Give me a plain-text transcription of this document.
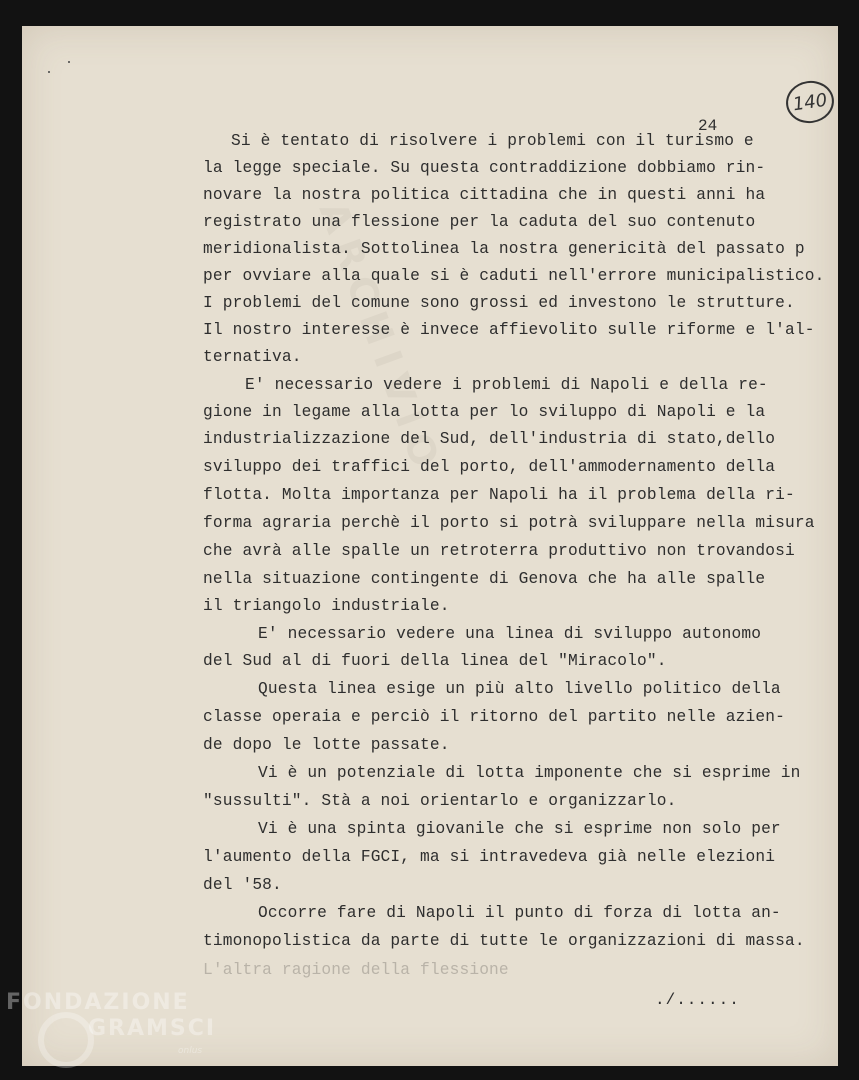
ARCHIVIO
140
24
Si è tentato di risolvere i problemi con il turismo e
la legge speciale. Su questa contraddizione dobbiamo rin-
novare la nostra politica cittadina che in questi anni ha
registrato una flessione per la caduta del suo contenuto
meridionalista. Sottolinea la nostra genericità del passato p
per ovviare alla quale si è caduti nell'errore municipalistico.
I problemi del comune sono grossi ed investono le strutture.
Il nostro interesse è invece affievolito sulle riforme e l'al-
ternativa.
E' necessario vedere i problemi di Napoli e della re-
gione in legame alla lotta per lo sviluppo di Napoli e la
industrializzazione del Sud, dell'industria di stato,dello
sviluppo dei traffici del porto, dell'ammodernamento della
flotta. Molta importanza per Napoli ha il problema della ri-
forma agraria perchè il porto si potrà sviluppare nella misura
che avrà alle spalle un retroterra produttivo non trovandosi
nella situazione contingente di Genova che ha alle spalle
il triangolo industriale.
E' necessario vedere una linea di sviluppo autonomo
del Sud al di fuori della linea del "Miracolo".
Questa linea esige un più alto livello politico della
classe operaia e perciò il ritorno del partito nelle azien-
de dopo le lotte passate.
Vi è un potenziale di lotta imponente che si esprime in
"sussulti". Stà a noi orientarlo e organizzarlo.
Vi è una spinta giovanile che si esprime non solo per
l'aumento della FGCI, ma si intravedeva già nelle elezioni
del '58.
Occorre fare di Napoli il punto di forza di lotta an-
timonopolistica da parte di tutte le organizzazioni di massa.
L'altra ragione della flessione
./......
FONDAZIONE
GRAMSCI
onlus
